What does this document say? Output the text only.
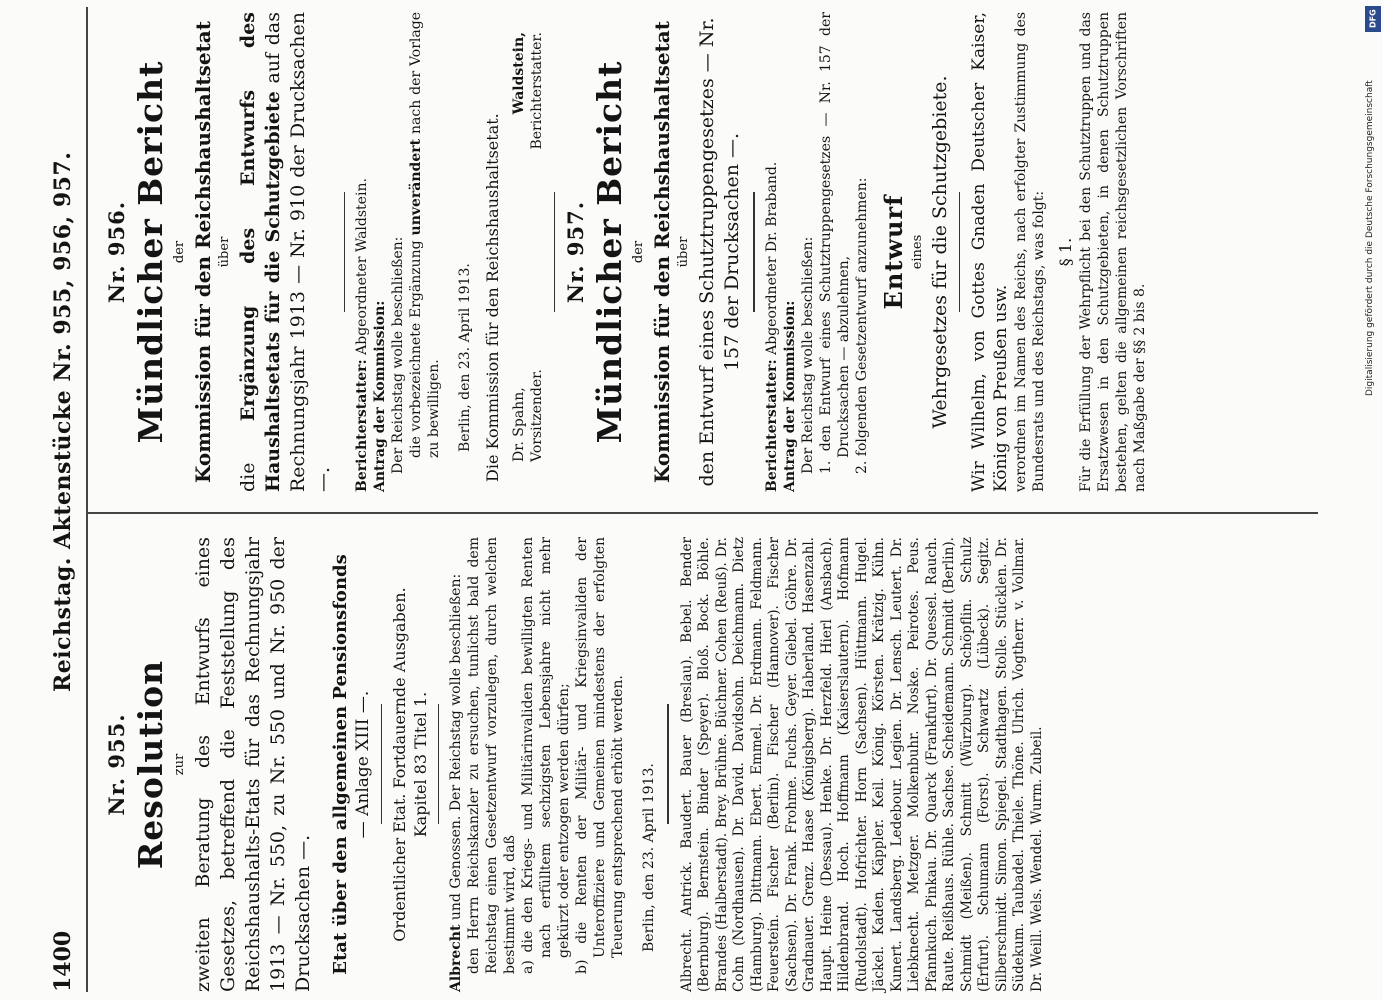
1400
Reichstag. Aktenstücke Nr. 955, 956, 957.
Nr. 955. Resolution zur zweiten Beratung des Entwurfs eines Gesetzes, betreffend die Feststellung des Reichshaushalts-Etats für das Rechnungsjahr 1913 — Nr. 550, zu Nr. 550 und Nr. 950 der Drucksachen —. Etat über den allgemeinen Pensionsfonds — Anlage XIII —. Ordentlicher Etat. Fortdauernde Ausgaben. Kapitel 83 Titel 1.

Albrecht und Genossen. Der Reichstag wolle beschließen: den Herrn Reichskanzler zu ersuchen, tunlichst bald dem Reichstag einen Gesetzentwurf vorzulegen, durch welchen bestimmt wird, daß a) die den Kriegs- und Militärinvaliden bewilligten Renten nach erfülltem sechzigsten Lebensjahre nicht mehr gekürzt oder entzogen werden dürfen; b) die Renten der Militär- und Kriegsinvaliden der Unteroffiziere und Gemeinen mindestens der erfolgten Teuerung entsprechend erhöht werden. Berlin, den 23. April 1913. Albrecht. Antrick. Baudert. Bauer (Breslau). Bebel. Bender (Bernburg). Bernstein. Binder (Speyer). Bloß. Bock. Böhle. Brandes (Halberstadt). Brey. Brühne. Büchner. Cohen (Reuß). Dr. Cohn (Nordhausen). Dr. David. Davidsohn. Deichmann. Dietz (Hamburg). Dittmann. Ebert. Emmel. Dr. Erdmann. Feldmann. Feuerstein. Fischer (Berlin). Fischer (Hannover). Fischer (Sachsen). Dr. Frank. Frohme. Fuchs. Geyer. Giebel. Göhre. Dr. Gradnauer. Grenz. Haase (Königsberg). Haberland. Hasenzahl. Haupt. Heine (Dessau). Henke. Dr. Herzfeld. Hierl (Ansbach). Hildenbrand. Hoch. Hoffmann (Kaiserslautern). Hofmann (Rudolstadt). Hofrichter. Horn (Sachsen). Hüttmann. Hugel. Jäckel. Kaden. Käppler. Keil. König. Körsten. Krätzig. Kühn. Kunert. Landsberg. Ledebour. Legien. Dr. Lensch. Leutert. Dr. Liebknecht. Metzger. Molkenbuhr. Noske. Peirotes. Peus. Pfannkuch. Pinkau. Dr. Quarck (Frankfurt). Dr. Quessel. Rauch. Raute. Reißhaus. Rühle. Sachse. Scheidemann. Schmidt (Berlin). Schmidt (Meißen). Schmitt (Würzburg). Schöpflin. Schulz (Erfurt). Schumann (Forst). Schwartz (Lübeck). Segitz. Silberschmidt. Simon. Spiegel. Stadthagen. Stolle. Stücklen. Dr. Südekum. Taubadel. Thiele. Thöne. Ulrich. Vogtherr. v. Vollmar. Dr. Weill. Wels. Wendel. Wurm. Zubeil.

Nr. 956. Mündlicher Bericht der Kommission für den Reichshaushaltsetat über

die Ergänzung des Entwurfs des Haushaltsetats für die Schutzgebiete auf das Rechnungsjahr 1913 — Nr. 910 der Drucksachen —. Berichterstatter: Abgeordneter Waldstein.

Antrag der Kommission: Der Reichstag wolle beschließen: die vorbezeichnete Ergänzung unverändert nach der Vorlage zu bewilligen. Berlin, den 23. April 1913. Die Kommission für den Reichshaushaltsetat. Dr. Spahn, Vorsitzender.
Waldstein, Berichterstatter.
Nr. 957. Mündlicher Bericht der Kommission für den Reichshaushaltsetat über den Entwurf eines Schutztruppengesetzes — Nr. 157 der Drucksachen —.

Berichterstatter: Abgeordneter Dr. Braband.

Antrag der Kommission: Der Reichstag wolle beschließen: 1. den Entwurf eines Schutztruppengesetzes — Nr. 157 der Drucksachen — abzulehnen, 2. folgenden Gesetzentwurf anzunehmen: Entwurf eines Wehrgesetzes für die Schutzgebiete. Wir Wilhelm, von Gottes Gnaden Deutscher Kaiser, König von Preußen usw. verordnen im Namen des Reichs, nach erfolgter Zustimmung des Bundesrats und des Reichstags, was folgt: § 1. Für die Erfüllung der Wehrpflicht bei den Schutztruppen und das Ersatzwesen in den Schutzgebieten, in denen Schutztruppen bestehen, gelten die allgemeinen reichsgesetzlichen Vorschriften nach Maßgabe der §§ 2 bis 8.

DFG
Digitalisierung gefördert durch die Deutsche Forschungsgemeinschaft
